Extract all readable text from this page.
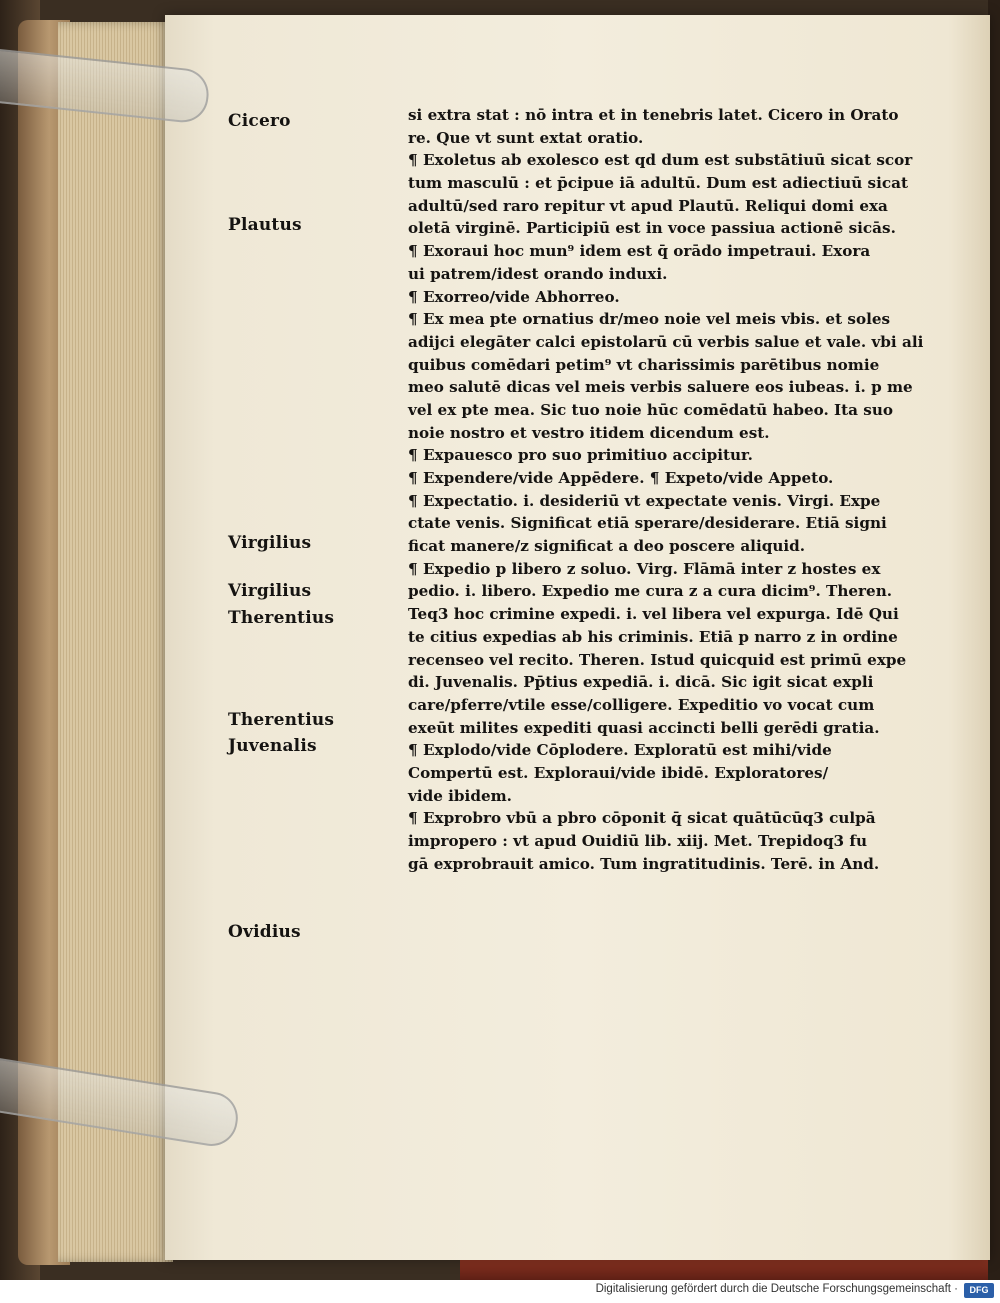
Cicero
Plautus
Virgilius
Virgilius
Therentius
Therentius
Juvenalis
Ovidius
si extra stat : nō intra et in tenebris latet. Cicero in Orato
re. Que vt sunt extat oratio.
¶ Exoletus ab exolesco est qd dum est substātiuū sicat scor
tum masculū : et p̄cipue iā adultū. Dum est adiectiuū sicat
adultū/sed raro repitur vt apud Plautū. Reliqui domi exa
oletā virginē. Participiū est in voce passiua actionē sicās.
¶ Exoraui hoc mun⁹ idem est q̄ orādo impetraui. Exora
ui patrem/idest orando induxi.
¶ Exorreo/vide Abhorreo.
¶ Ex mea pte ornatius dr/meo noie vel meis vbis. et soles
adijci elegāter calci epistolarū cū verbis salue et vale. vbi ali
quibus comēdari petim⁹ vt charissimis parētibus nomie
meo salutē dicas vel meis verbis saluere eos iubeas. i. p me
vel ex pte mea. Sic tuo noie hūc comēdatū habeo. Ita suo
noie nostro et vestro itidem dicendum est.
¶ Expauesco pro suo primitiuo accipitur.
¶ Expendere/vide Appēdere. ¶ Expeto/vide Appeto.
¶ Expectatio. i. desideriū vt expectate venis. Virgi. Expe
ctate venis. Significat etiā sperare/desiderare. Etiā signi
ficat manere/z significat a deo poscere aliquid.
¶ Expedio p libero z soluo. Virg. Flāmā inter z hostes ex
pedio. i. libero. Expedio me cura z a cura dicim⁹. Theren.
Teq3 hoc crimine expedi. i. vel libera vel expurga. Idē Qui
te citius expedias ab his criminis. Etiā p narro z in ordine
recenseo vel recito. Theren. Istud quicquid est primū expe
di. Juvenalis. Pp̄tius expediā. i. dicā. Sic igit sicat expli
care/pferre/vtile esse/colligere. Expeditio vo vocat cum
exeūt milites expediti quasi accincti belli gerēdi gratia.
¶ Explodo/vide Cōplodere. Exploratū est mihi/vide
Compertū est. Exploraui/vide ibidē. Exploratores/
vide ibidem.
¶ Exprobro vbū a pbro cōponit q̄ sicat quātūcūq3 culpā
impropero : vt apud Ouidiū lib. xiij. Met. Trepidoq3 fu
gā exprobrauit amico. Tum ingratitudinis. Terē. in And.
Digitalisierung gefördert durch die Deutsche Forschungsgemeinschaft ·	DFG
